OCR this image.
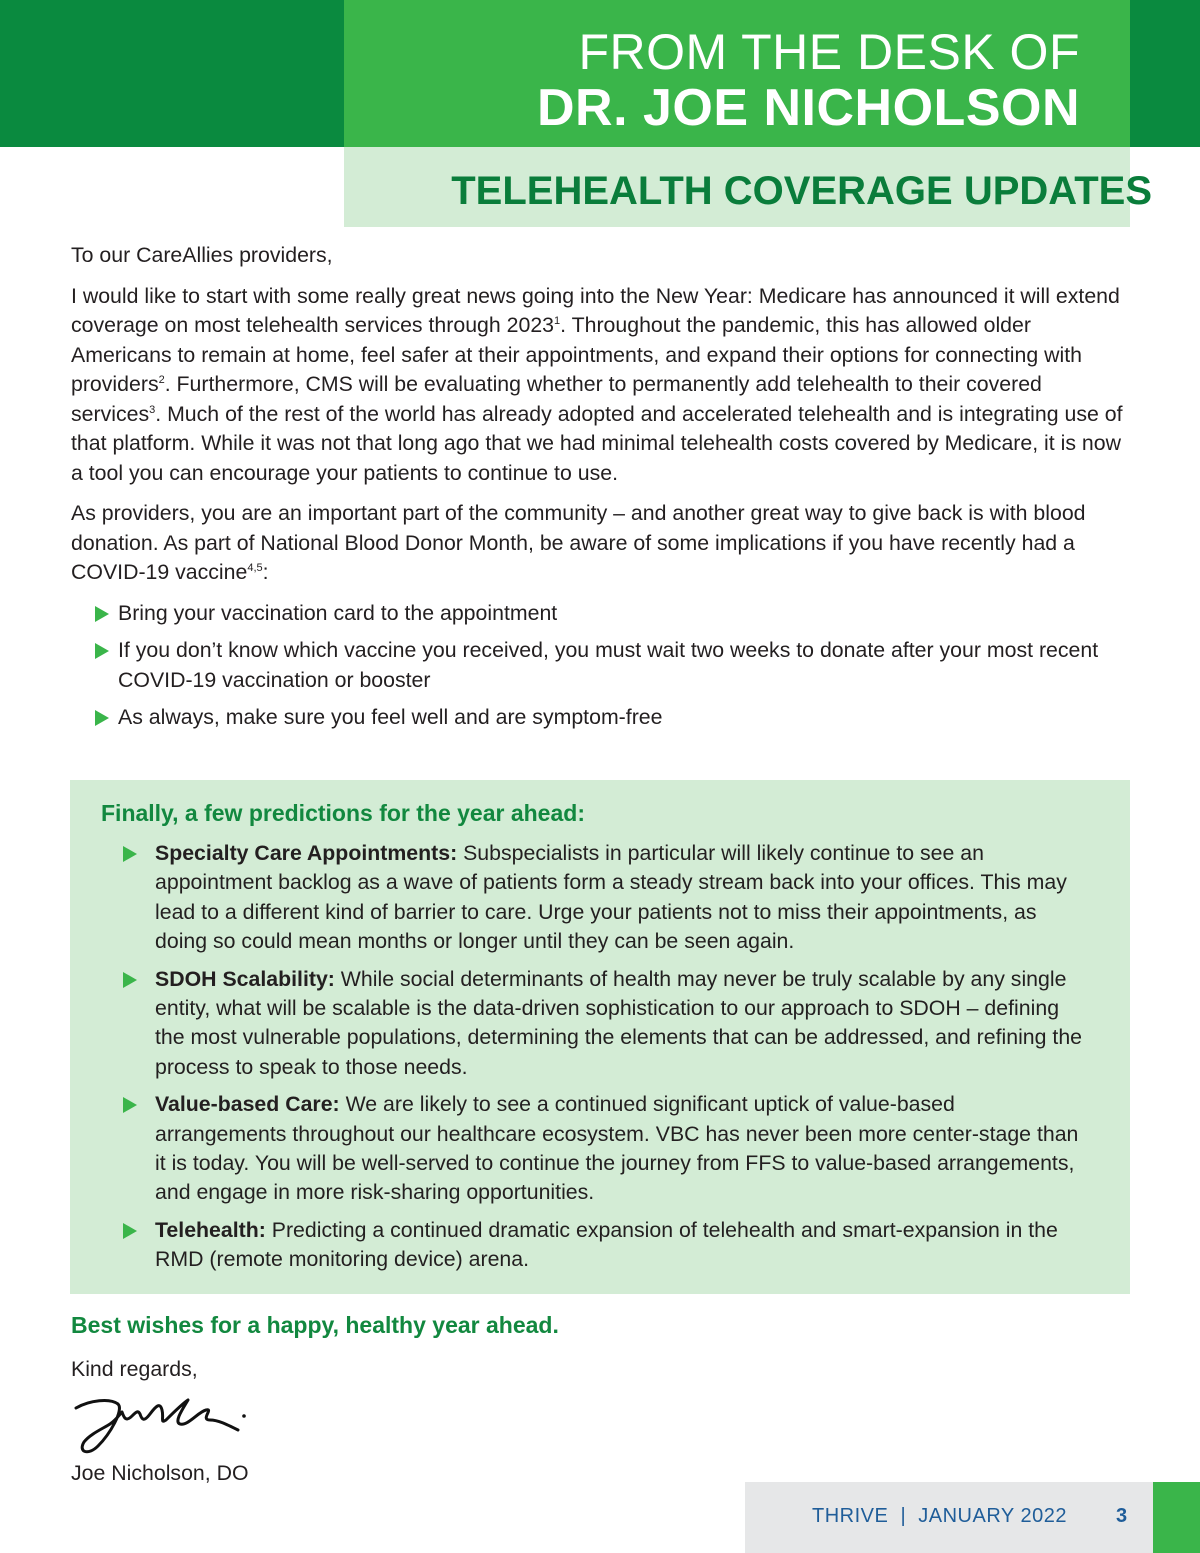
FROM THE DESK OF
DR. JOE NICHOLSON
TELEHEALTH COVERAGE UPDATES

To our CareAllies providers,

I would like to start with some really great news going into the New Year: Medicare has announced it will extend coverage on most telehealth services through 2023$^1$. Throughout the pandemic, this has allowed older Americans to remain at home, feel safer at their appointments, and expand their options for connecting with providers$^2$. Furthermore, CMS will be evaluating whether to permanently add telehealth to their covered services$^3$. Much of the rest of the world has already adopted and accelerated telehealth and is integrating use of that platform. While it was not that long ago that we had minimal telehealth costs covered by Medicare, it is now a tool you can encourage your patients to continue to use.

As providers, you are an important part of the community – and another great way to give back is with blood donation. As part of National Blood Donor Month, be aware of some implications if you have recently had a COVID-19 vaccine$^{4,5}$:

Bring your vaccination card to the appointment
If you don’t know which vaccine you received, you must wait two weeks to donate after your most recent COVID-19 vaccination or booster
As always, make sure you feel well and are symptom-free
Finally, a few predictions for the year ahead:
Specialty Care Appointments: Subspecialists in particular will likely continue to see an appointment backlog as a wave of patients form a steady stream back into your offices. This may lead to a different kind of barrier to care. Urge your patients not to miss their appointments, as doing so could mean months or longer until they can be seen again.
SDOH Scalability: While social determinants of health may never be truly scalable by any single entity, what will be scalable is the data-driven sophistication to our approach to SDOH – defining the most vulnerable populations, determining the elements that can be addressed, and refining the process to speak to those needs.
Value-based Care: We are likely to see a continued significant uptick of value-based arrangements throughout our healthcare ecosystem. VBC has never been more center-stage than it is today. You will be well-served to continue the journey from FFS to value-based arrangements, and engage in more risk-sharing opportunities.
Telehealth: Predicting a continued dramatic expansion of telehealth and smart-expansion in the RMD (remote monitoring device) arena.
Best wishes for a happy, healthy year ahead.
Kind regards,
Joe Nicholson, DO
THRIVE  |  JANUARY 2022 3
